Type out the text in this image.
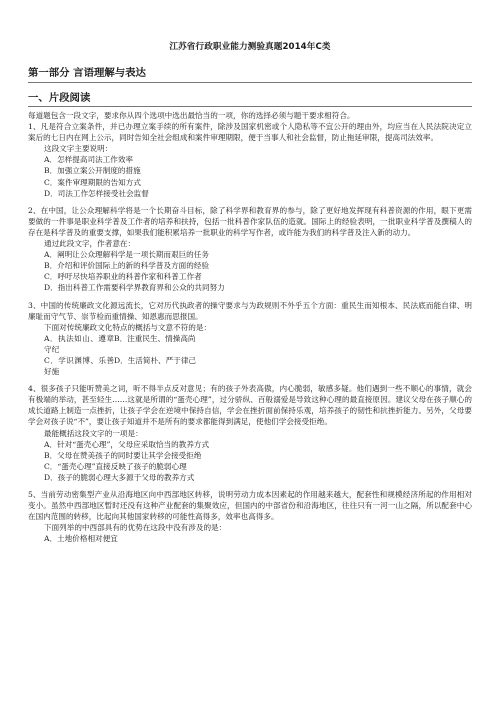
江苏省行政职业能力测验真题2014年C类
第一部分 言语理解与表达
一、片段阅读

每道题包含一段文字，要求你从四个选项中选出最恰当的一项，你的选择必须与题干要求相符合。

1、凡是符合立案条件，并已办理立案手续的所有案件，除涉及国家机密或个人隐私等不宜公开的理由外，均应当在人民法院决定立案后的七日内在网上公示，同时告知全社会组成和案件审理期限，便于当事人和社会监督，防止拖延审限，提高司法效率。

这段文字主要说明：

A．怎样提高司法工作效率

B．加强立案公开制度的措施

C．案件审理期限的告知方式

D．司法工作怎样接受社会监督

2、在中国，让公众理解科学将是一个长期奋斗目标，除了科学界和教育界的参与，除了更好地发挥现有科普资源的作用，眼下更需要做的一件事是职业科学普及工作者的培养和扶持，包括一批科普作家队伍的造就。国际上的经验表明，一批职业科学普及撰稿人的存在是科学普及的重要支撑，如果我们能积累培养一批职业的科学写作者，或许能为我们的科学普及注入新的动力。

通过此段文字，作者意在：

A．阐明让公众理解科学是一项长期而艰巨的任务

B．介绍和评价国际上的新的科学普及方面的经验

C．呼吁尽快培养职业的科普作家和科普工作者

D．指出科普工作需要科学界教育界和公众的共同努力

3、中国的传统廉政文化源远流长，它对历代执政者的操守要求与为政规则不外乎五个方面：重民生而知根本、民法底而能自律、明廉耻而守气节、崇节检而重情操、知恩惠而思报国。

下面对传统廉政文化特点的概括与文意不符的是：

A．执法如山、遵章守纪
B．注重民生、情操高尚

C．学识渊博、乐善好施
D．生活简朴、严于律己

4、很多孩子只能听赞美之词，听不得半点反对意见；有的孩子外表高傲，内心脆弱，敏感多疑。他们遇到一些不顺心的事情，就会有极端的举动，甚至轻生……这就是所谓的“蛋壳心理”，过分骄纵、百般溺爱是导致这种心理的最直接原因。建议父母在孩子顺心的成长道路上制造一点挫折，让孩子学会在逆境中保持自信，学会在挫折面前保持乐观，培养孩子的韧性和抗挫折能力。另外，父母要学会对孩子说“不”，要让孩子知道并不是所有的要求都能得到满足，使他们学会接受拒绝。

最能概括这段文字的一项是：

A．针对“蛋壳心理”，父母应采取恰当的教养方式

B．父母在赞美孩子的同时要让其学会接受拒绝

C．“蛋壳心理”直接反映了孩子的脆弱心理

D．孩子的脆弱心理大多源于父母的教养方式

5、当前劳动密集型产业从沿海地区向中西部地区转移，说明劳动力成本因素起的作用越来越大，配套性和规模经济所起的作用相对变小。虽然中西部地区暂时还没有这种产业配套的集聚效应，但国内的中部省份和沿海地区，往往只有一河一山之隔，所以配套中心在国内范围的转移，比起向其他国家转移的可能性高得多，效率也高得多。

下面列举的中西部具有的优势在这段中没有涉及的是：

A．土地价格相对便宜
